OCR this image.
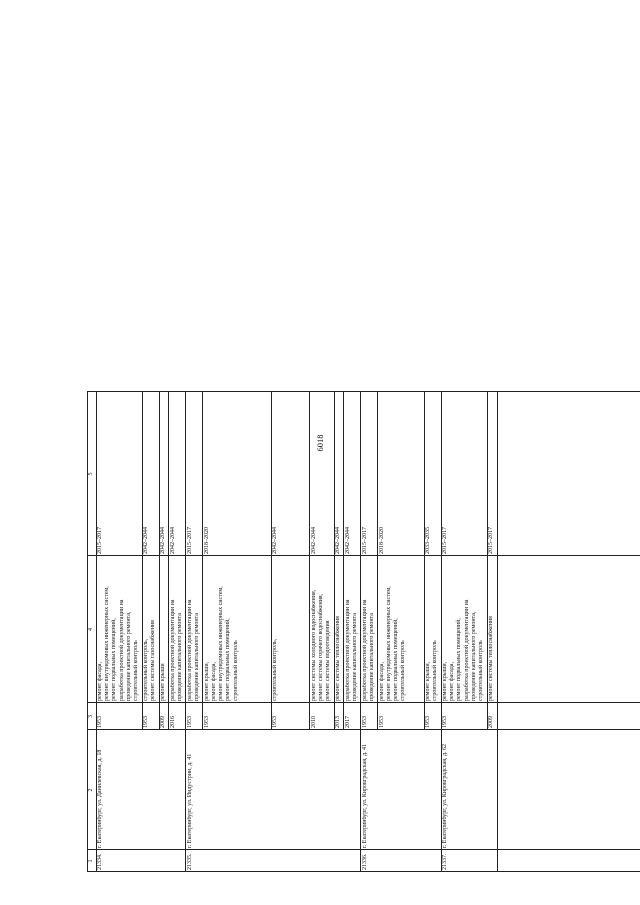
6018
1
2
3
4
5
1953
ремонт фасада, ремонт внутридомовых инженерных систем, ремонт подвальных помещений, разработка проектной документации на проведение капитального ремонта, строительный контроль
2015–2017
1953
строительный контроль, ремонт системы газоснабжения
2042–2044
2009
ремонт крыши
2042–2044
2016
разработка проектной документации на проведение капитального ремонта
2042–2044
21334.
г. Екатеринбург, ул. Данилевская, д. 18
1953
разработка проектной документации на проведение капитального ремонта
2015–2017
1953
ремонт крыши, ремонт фасада, ремонт внутридомовых инженерных систем, ремонт подвальных помещений, строительный контроль
2018–2020
1953
строительный контроль,
2042–2044
2010
ремонт системы холодного водоснабжения, ремонт системы горячего водоснабжения, ремонт системы водоотведения
2042–2044
2013
ремонт системы теплоснабжения
2042–2044
2017
разработка проектной документации на проведение капитального ремонта
2042–2044
21335.
г. Екатеринбург, ул. Индустрии, д. 41
1953
разработка проектной документации на проведение капитального ремонта
2015–2017
1953
ремонт фасада, ремонт внутридомовых инженерных систем, ремонт подвальных помещений, строительный контроль
2018–2020
1953
ремонт крыши, строительный контроль
2033–2035
21336.
г. Екатеринбург, ул. Кировградская, д. 41
1953
ремонт крыши, ремонт фасада, ремонт подвальных помещений, разработка проектной документации на проведение капитального ремонта, строительный контроль
2015–2017
2009
ремонт системы теплоснабжения
2015–2017
21337.
г. Екатеринбург, ул. Кировградская, д. 62
